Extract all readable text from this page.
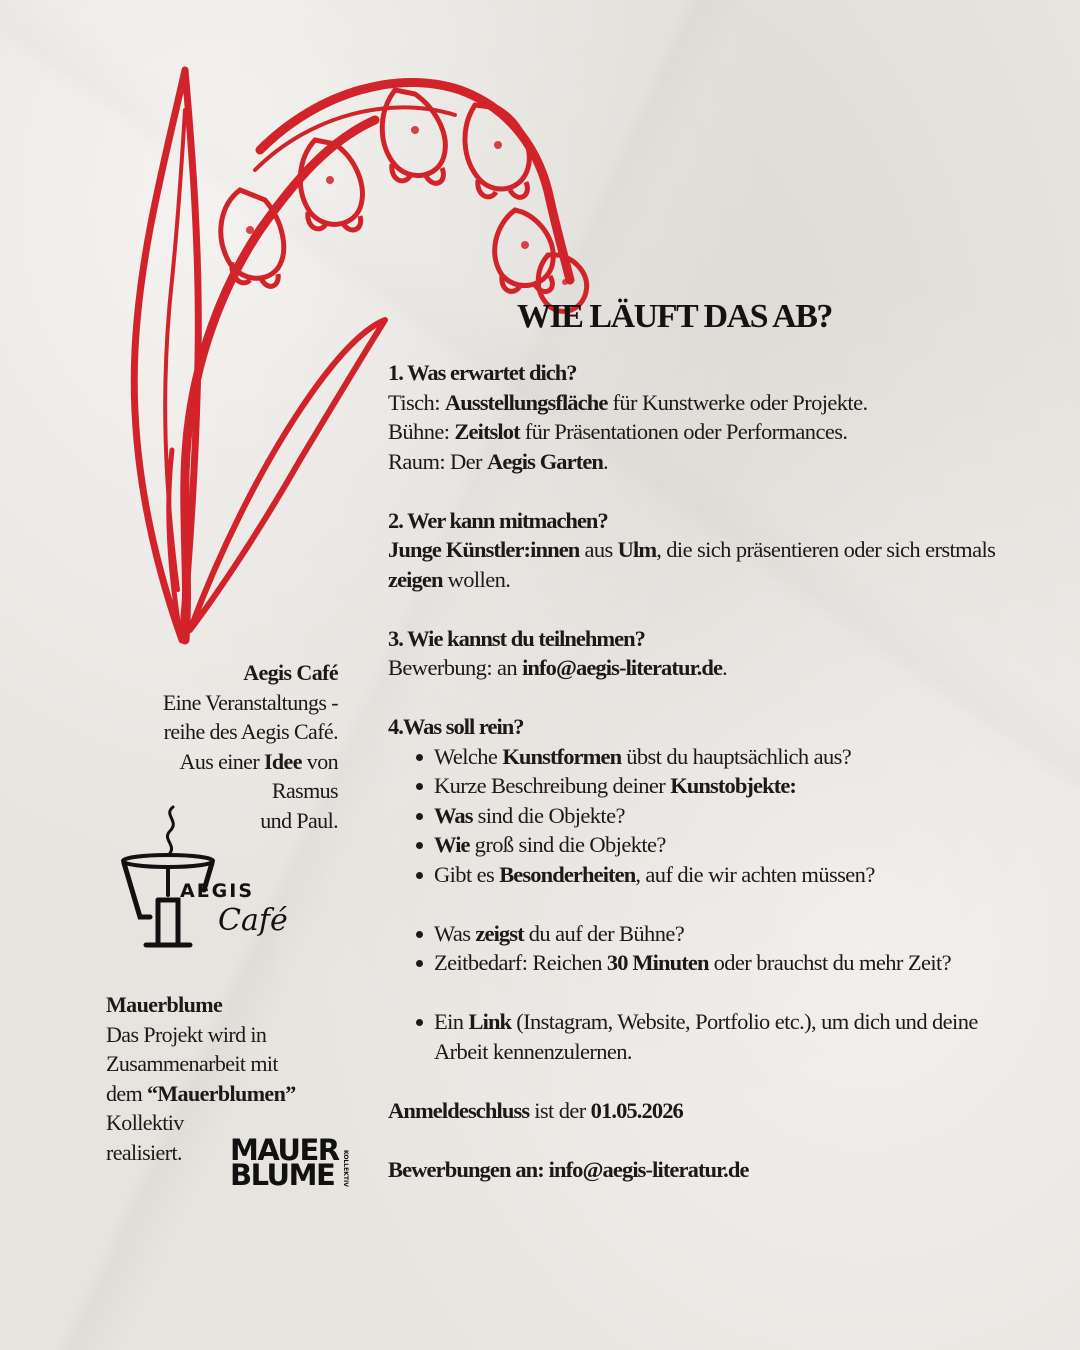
WIE LÄUFT DAS AB?

1. Was erwartet dich?

Tisch: Ausstellungsfläche für Kunstwerke oder Projekte.

Bühne: Zeitslot für Präsentationen oder Performances.

Raum: Der Aegis Garten.

2. Wer kann mitmachen?

Junge Künstler:innen aus Ulm, die sich präsentieren oder sich erstmals zeigen wollen.

3. Wie kannst du teilnehmen?

Bewerbung: an info@aegis-literatur.de.

4.Was soll rein?

Welche Kunstformen übst du hauptsächlich aus?
Kurze Beschreibung deiner Kunstobjekte:
Was sind die Objekte?
Wie groß sind die Objekte?
Gibt es Besonderheiten, auf die wir achten müssen?
Was zeigst du auf der Bühne?
Zeitbedarf: Reichen 30 Minuten oder brauchst du mehr Zeit?
Ein Link (Instagram, Website, Portfolio etc.), um dich und deine Arbeit kennenzulernen.

Anmeldeschluss ist der 01.05.2026

Bewerbungen an: info@aegis-literatur.de

Aegis Café

Eine Veranstaltungs -

reihe des Aegis Café.

Aus einer Idee von

Rasmus

und Paul.

AEGIS
Café

Mauerblume

Das Projekt wird in

Zusammenarbeit mit

dem “Mauerblumen”

Kollektiv

realisiert.	MAUER
BLUME	KOLLEKTIV
